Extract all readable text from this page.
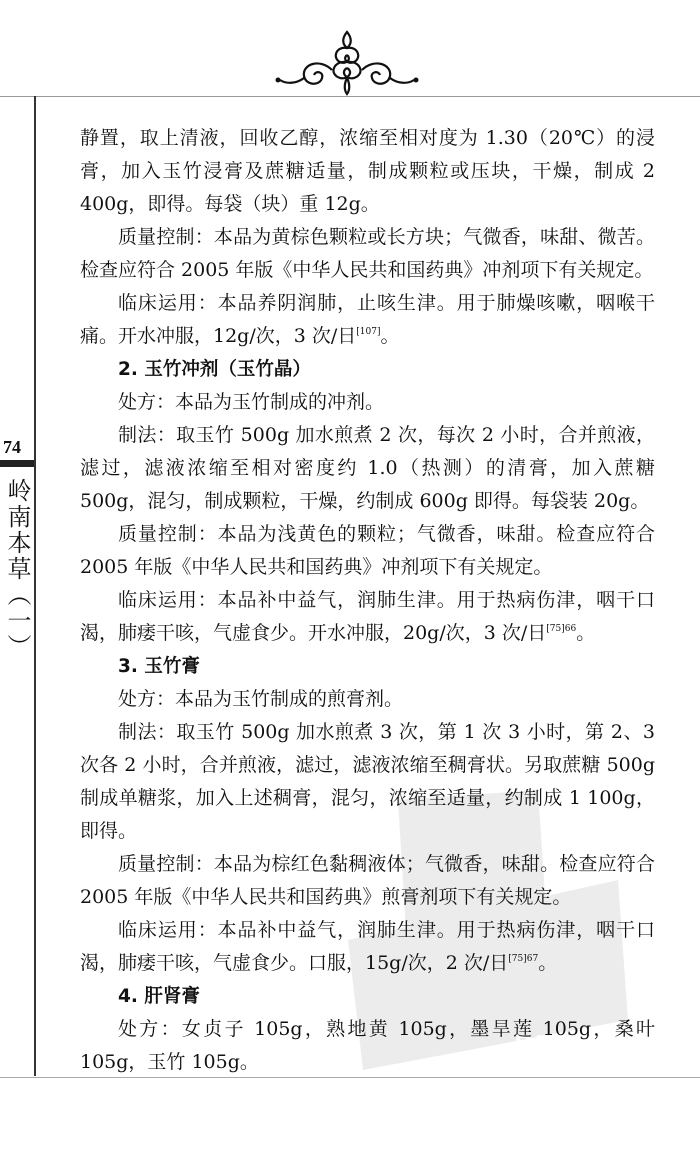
74
岭南本草（一）
PDG

静置，取上清液，回收乙醇，浓缩至相对度为 1.30（20℃）的浸膏，加入玉竹浸膏及蔗糖适量，制成颗粒或压块，干燥，制成 2 400g，即得。每袋（块）重 12g。

质量控制：本品为黄棕色颗粒或长方块；气微香，味甜、微苦。检查应符合 2005 年版《中华人民共和国药典》冲剂项下有关规定。

临床运用：本品养阴润肺，止咳生津。用于肺燥咳嗽，咽喉干痛。开水冲服，12g/次，3 次/日[107]。

2. 玉竹冲剂（玉竹晶）

处方：本品为玉竹制成的冲剂。

制法：取玉竹 500g 加水煎煮 2 次，每次 2 小时，合并煎液，滤过，滤液浓缩至相对密度约 1.0（热测）的清膏，加入蔗糖 500g，混匀，制成颗粒，干燥，约制成 600g 即得。每袋装 20g。

质量控制：本品为浅黄色的颗粒；气微香，味甜。检查应符合 2005 年版《中华人民共和国药典》冲剂项下有关规定。

临床运用：本品补中益气，润肺生津。用于热病伤津，咽干口渴，肺痿干咳，气虚食少。开水冲服，20g/次，3 次/日$^{[75]66}$。

3. 玉竹膏

处方：本品为玉竹制成的煎膏剂。

制法：取玉竹 500g 加水煎煮 3 次，第 1 次 3 小时，第 2、3 次各 2 小时，合并煎液，滤过，滤液浓缩至稠膏状。另取蔗糖 500g 制成单糖浆，加入上述稠膏，混匀，浓缩至适量，约制成 1 100g，即得。

质量控制：本品为棕红色黏稠液体；气微香，味甜。检查应符合 2005 年版《中华人民共和国药典》煎膏剂项下有关规定。

临床运用：本品补中益气，润肺生津。用于热病伤津，咽干口渴，肺痿干咳，气虚食少。口服，15g/次，2 次/日$^{[75]67}$。

4. 肝肾膏

处方：女贞子 105g，熟地黄 105g，墨旱莲 105g，桑叶 105g，玉竹 105g。
